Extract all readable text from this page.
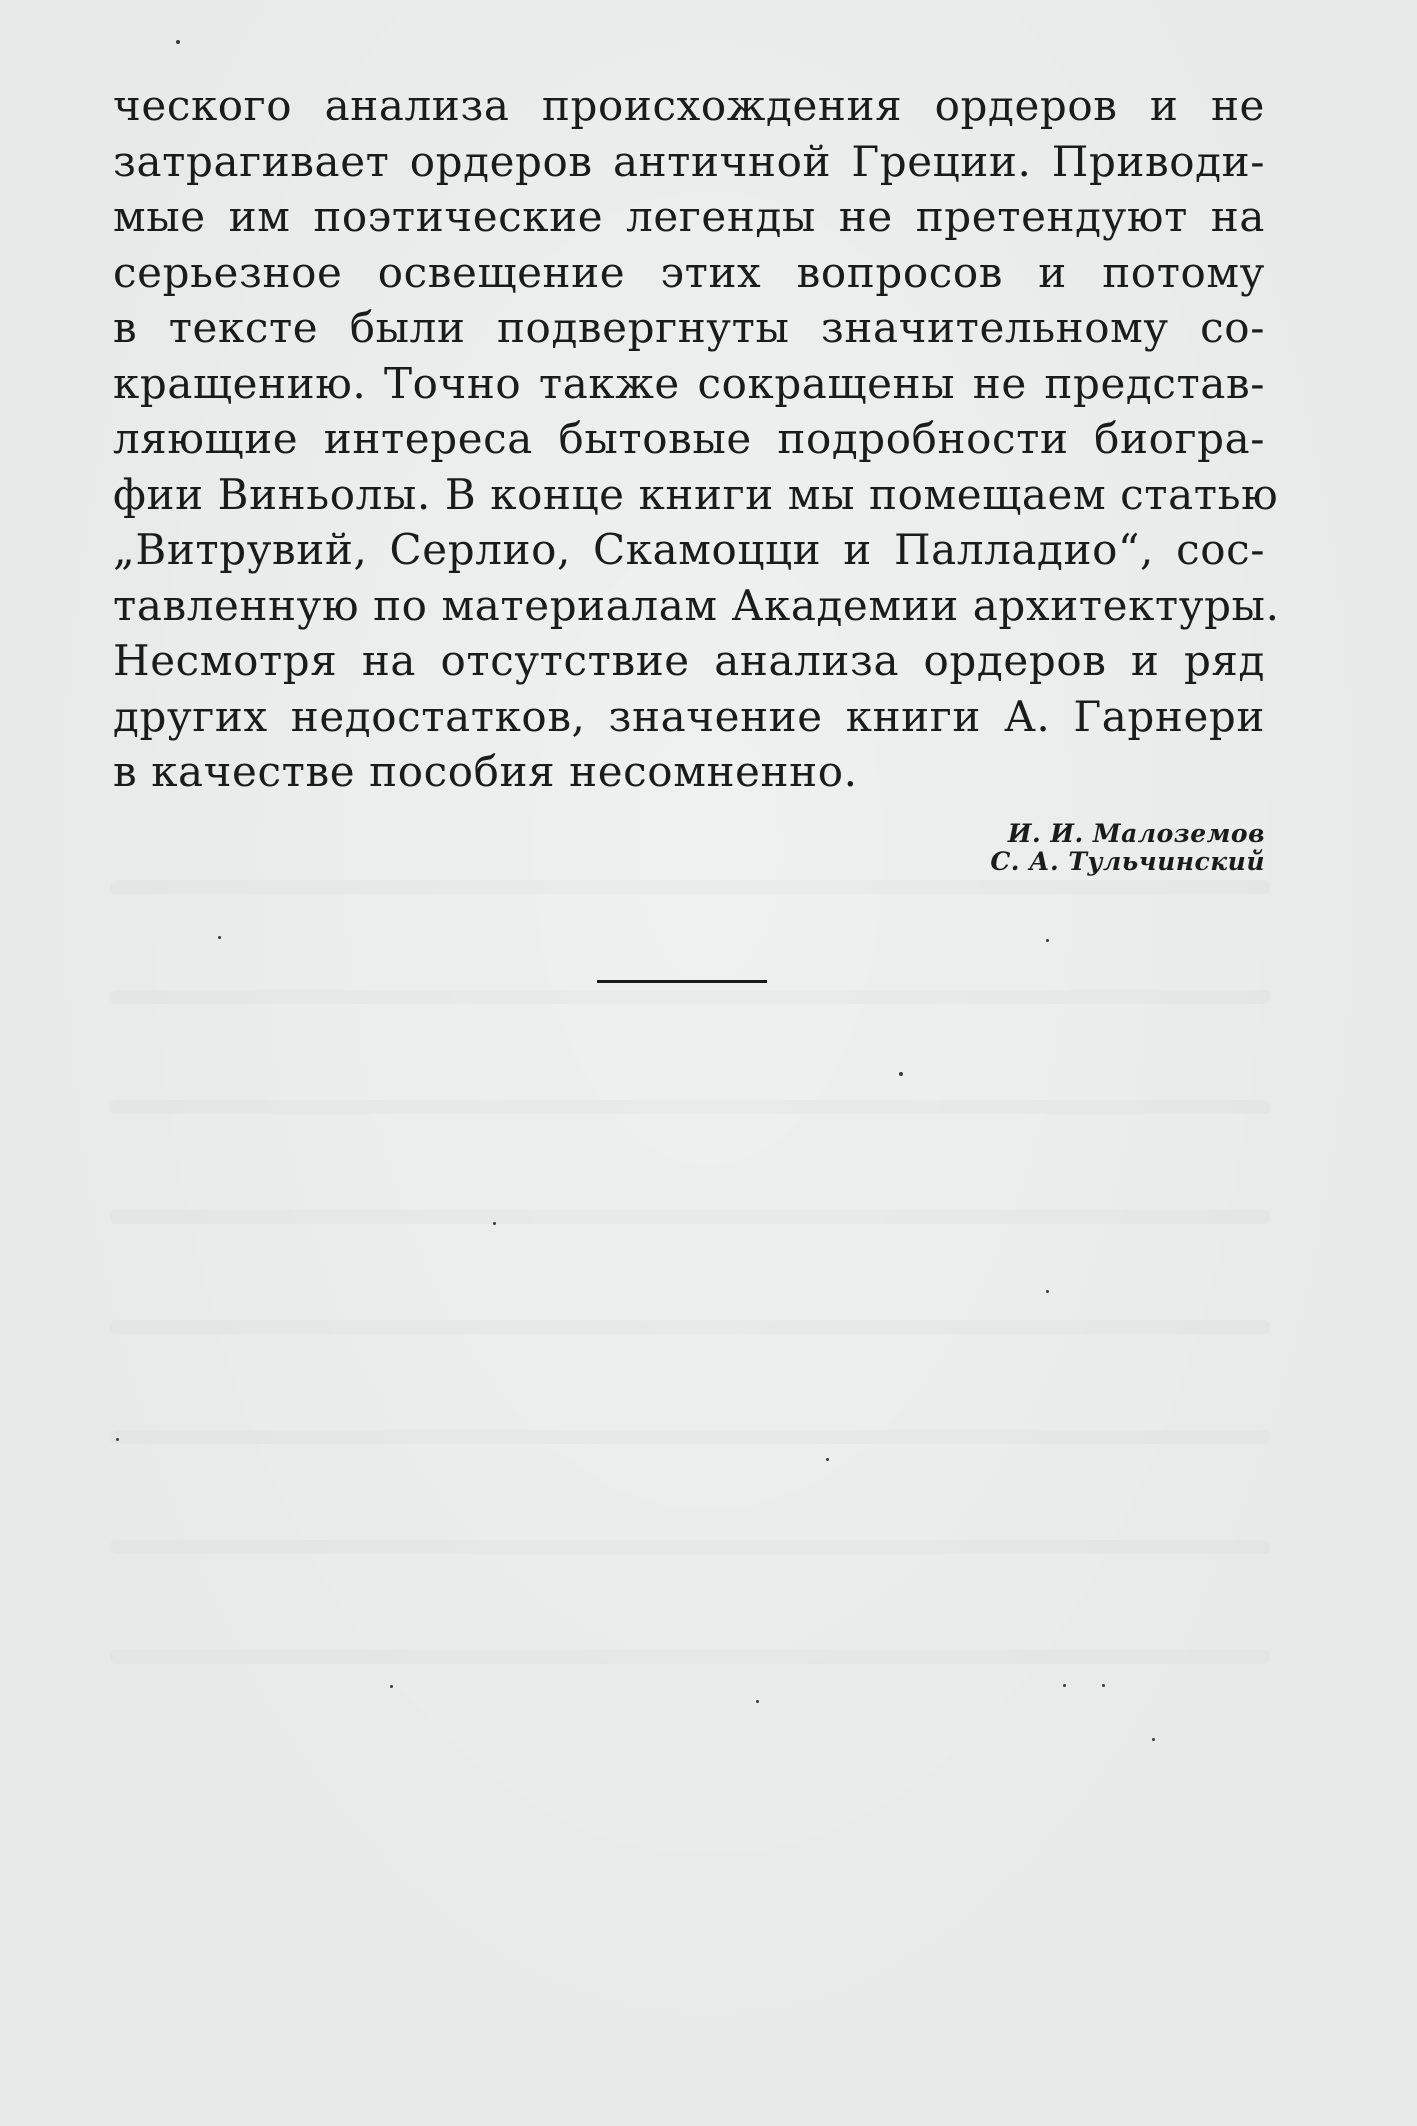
ческого анализа происхождения ордеров и не
затрагивает ордеров античной Греции. Приводи-
мые им поэтические легенды не претендуют на
серьезное освещение этих вопросов и потому
в тексте были подвергнуты значительному со-
кращению. Точно также сокращены не представ-
ляющие интереса бытовые подробности биогра-
фии Виньолы. В конце книги мы помещаем статью
„Витрувий, Серлио, Скамоцци и Палладио“, сос-
тавленную по материалам Академии архитектуры.
Несмотря на отсутствие анализа ордеров и ряд
других недостатков, значение книги А. Гарнери
в качестве пособия несомненно.
И. И. Малоземов
С. А. Тульчинский
